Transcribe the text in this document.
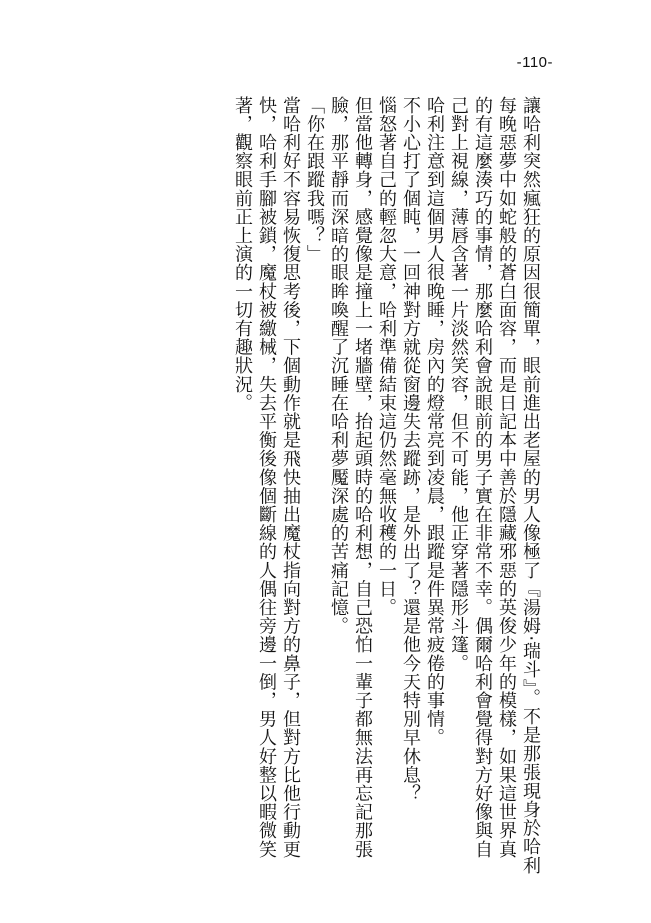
-110-

讓哈利突然瘋狂的原因很簡單，眼前進出老屋的男人像極了『湯姆‧瑞斗』。不是那張現身於哈利每晚惡夢中如蛇般的蒼白面容，而是日記本中善於隱藏邪惡的英俊少年的模樣，如果這世界真的有這麼湊巧的事情，那麼哈利會說眼前的男子實在非常不幸。偶爾哈利會覺得對方好像與自己對上視線，薄唇含著一片淡然笑容，但不可能，他正穿著隱形斗篷。

哈利注意到這個男人很晚睡，房內的燈常亮到凌晨，跟蹤是件異常疲倦的事情。

不小心打了個盹，一回神對方就從窗邊失去蹤跡，是外出了？還是他今天特別早休息？

惱怒著自己的輕忽大意，哈利準備結束這仍然毫無收穫的一日。

但當他轉身，感覺像是撞上一堵牆壁，抬起頭時的哈利想，自己恐怕一輩子都無法再忘記那張臉，那平靜而深暗的眼眸喚醒了沉睡在哈利夢魘深處的苦痛記憶。

「你在跟蹤我嗎？」

當哈利好不容易恢復思考後，下個動作就是飛快抽出魔杖指向對方的鼻子，但對方比他行動更快，哈利手腳被鎖，魔杖被繳械，失去平衡後像個斷線的人偶往旁邊一倒，男人好整以暇微笑著，觀察眼前正上演的一切有趣狀況。
